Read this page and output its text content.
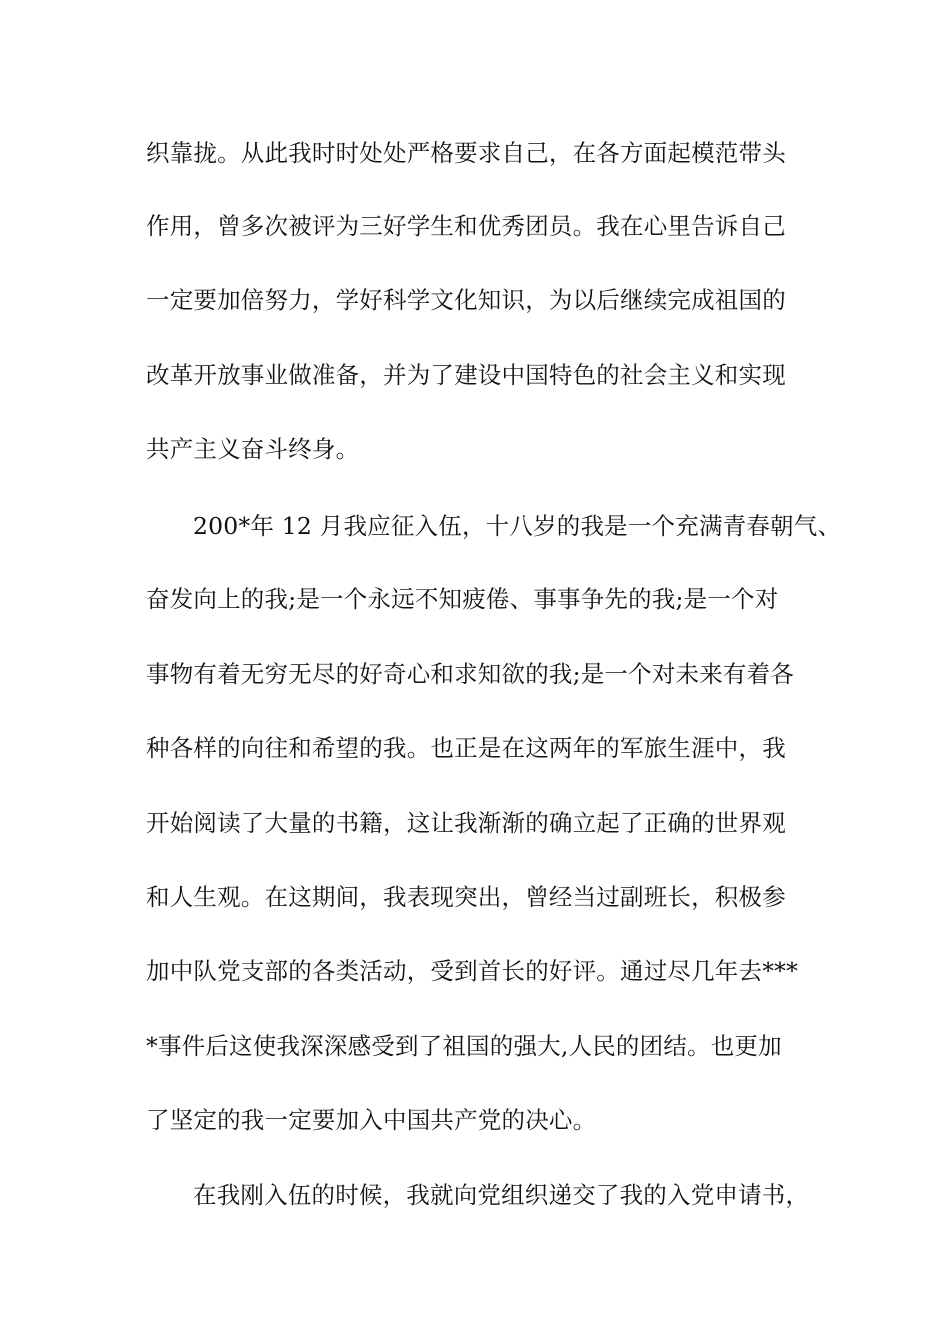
织靠拢。从此我时时处处严格要求自己，在各方面起模范带头
作用，曾多次被评为三好学生和优秀团员。我在心里告诉自己
一定要加倍努力，学好科学文化知识，为以后继续完成祖国的
改革开放事业做准备，并为了建设中国特色的社会主义和实现
共产主义奋斗终身。
200*年 12 月我应征入伍，十八岁的我是一个充满青春朝气、
奋发向上的我;是一个永远不知疲倦、事事争先的我;是一个对
事物有着无穷无尽的好奇心和求知欲的我;是一个对未来有着各
种各样的向往和希望的我。也正是在这两年的军旅生涯中，我
开始阅读了大量的书籍，这让我渐渐的确立起了正确的世界观
和人生观。在这期间，我表现突出，曾经当过副班长，积极参
加中队党支部的各类活动，受到首长的好评。通过尽几年去***
*事件后这使我深深感受到了祖国的强大,人民的团结。也更加
了坚定的我一定要加入中国共产党的决心。
在我刚入伍的时候，我就向党组织递交了我的入党申请书，
